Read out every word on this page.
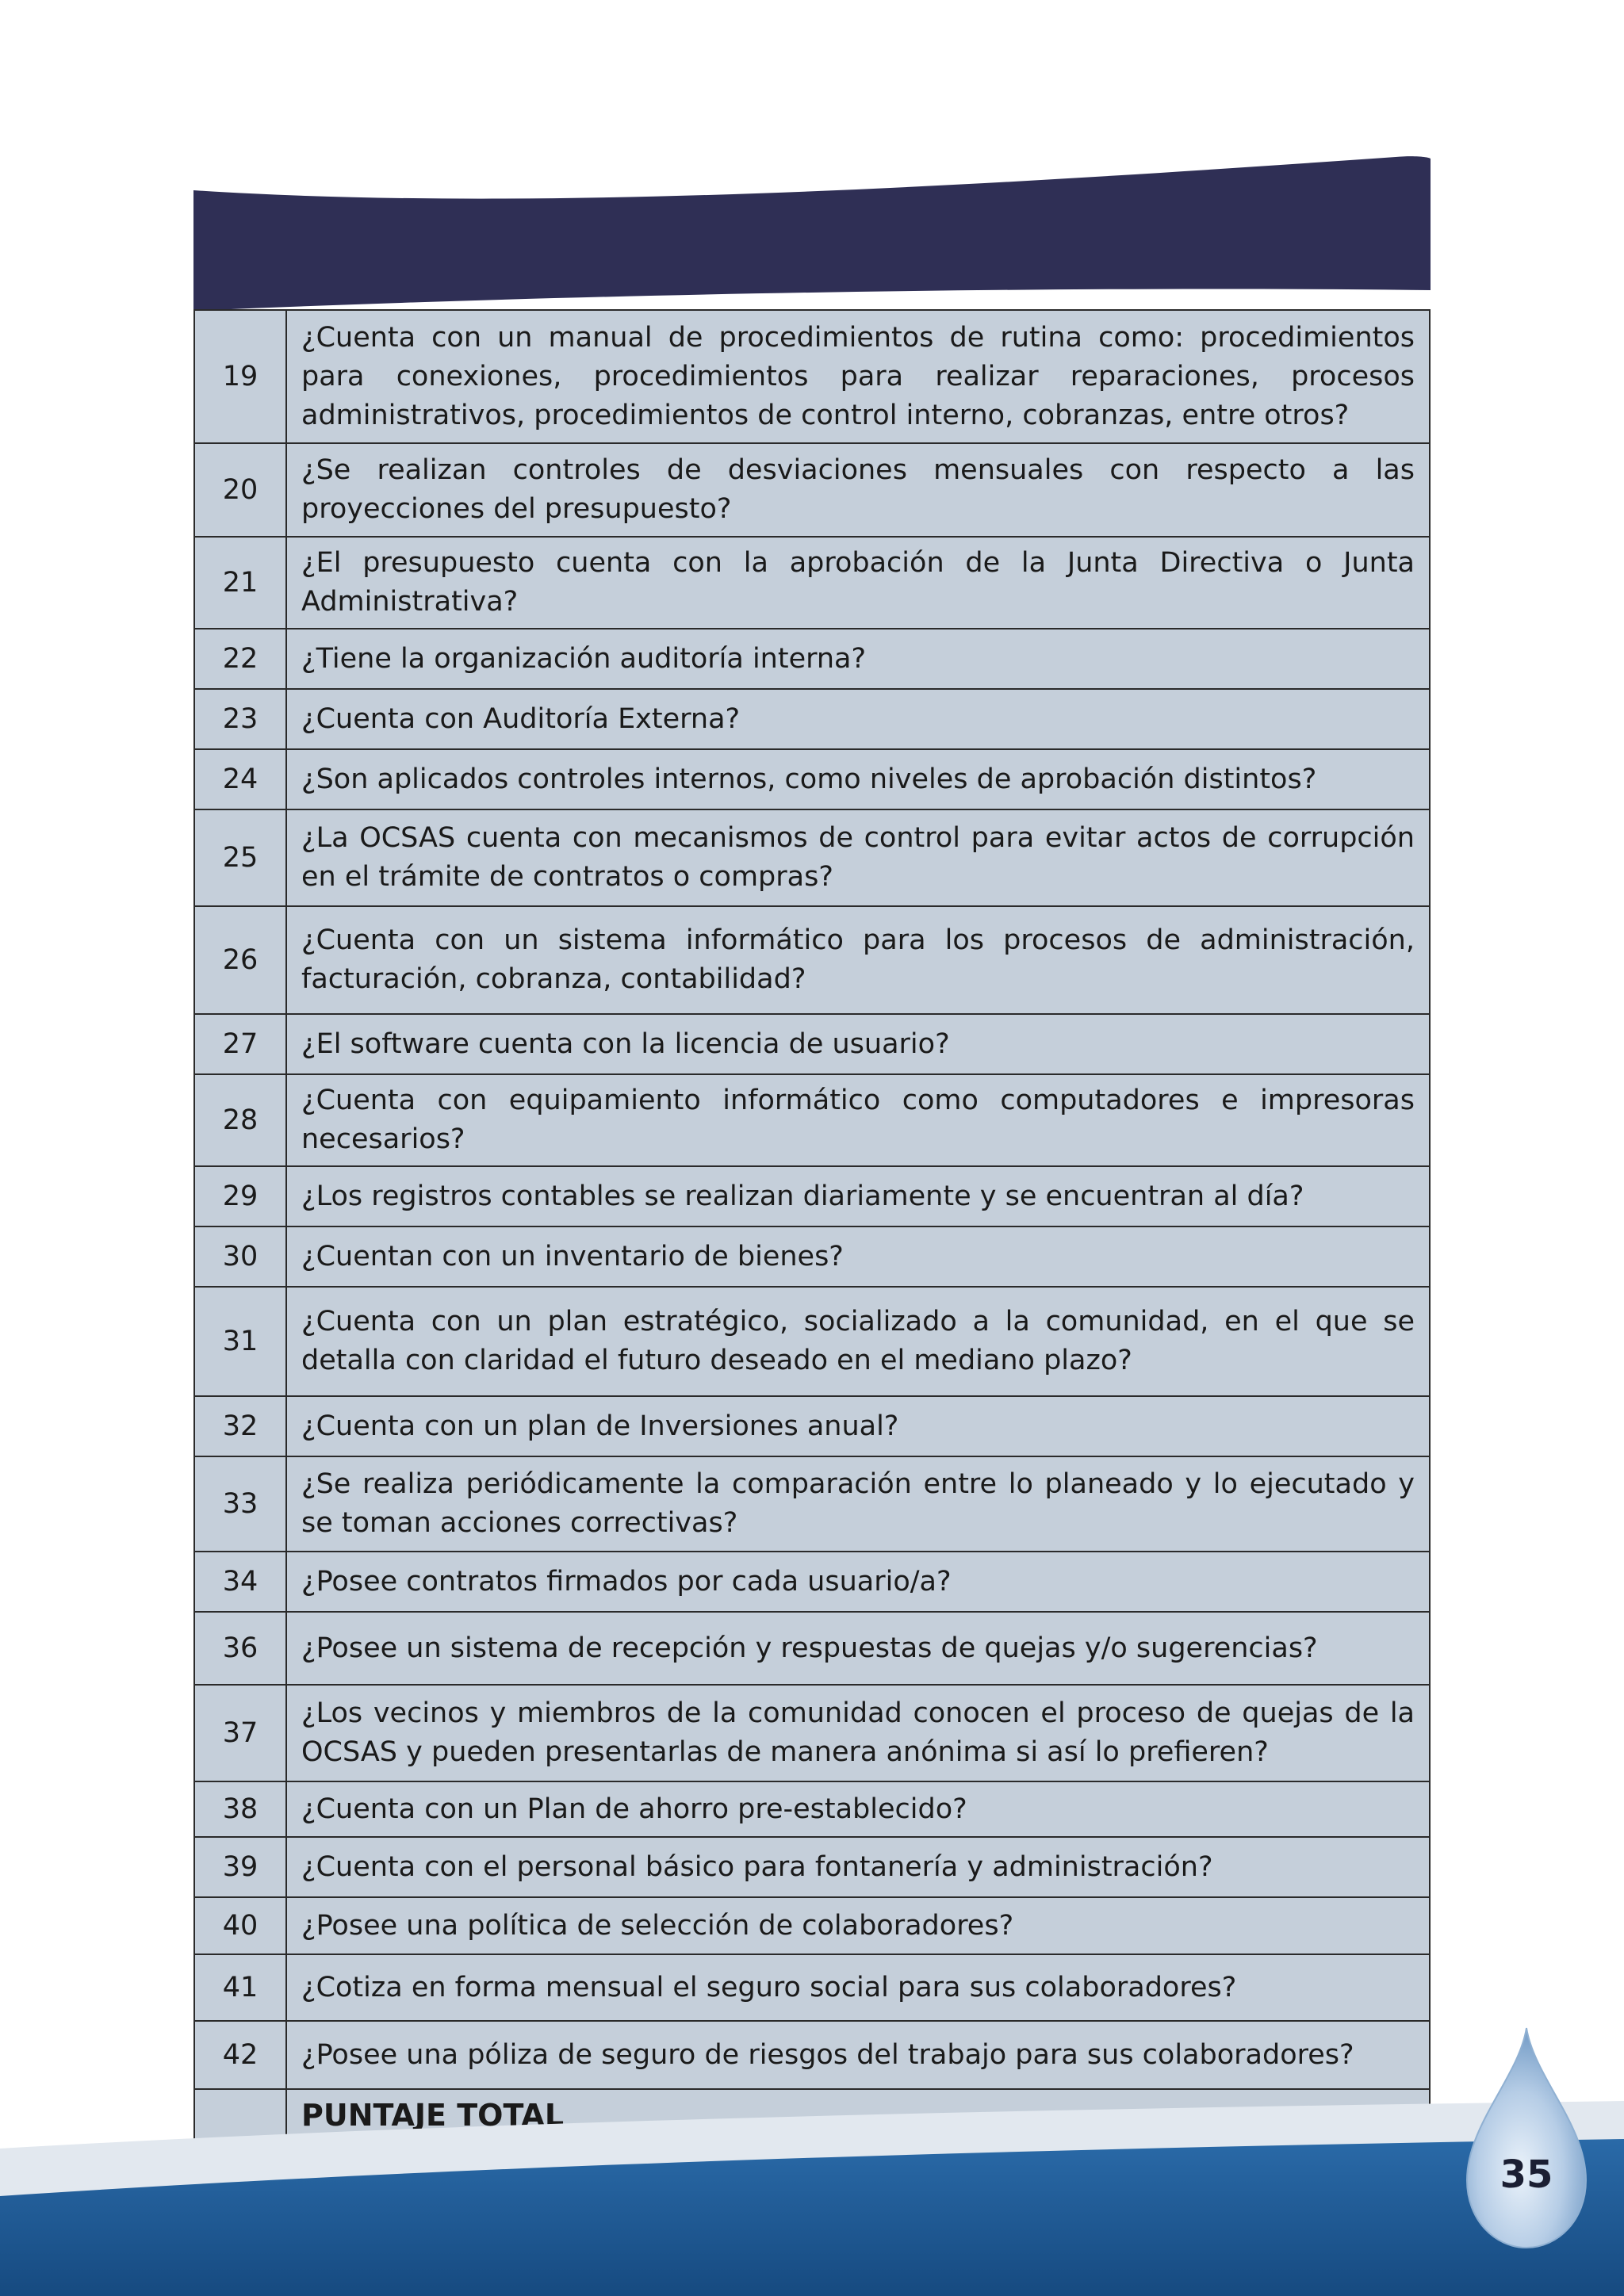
19	¿Cuenta con un manual de procedimientos de rutina como: procedimientos para conexiones, procedimientos para realizar reparaciones, procesos administrativos, procedimientos de control interno, cobranzas, entre otros?
20	¿Se realizan controles de desviaciones mensuales con respecto a las proyecciones del presupuesto?
21	¿El presupuesto cuenta con la aprobación de la Junta Directiva o Junta Administrativa?
22	¿Tiene la organización auditoría interna?
23	¿Cuenta con Auditoría Externa?
24	¿Son aplicados controles internos, como niveles de aprobación distintos?
25	¿La OCSAS cuenta con mecanismos de control para evitar actos de corrupción en el trámite de contratos o compras?
26	¿Cuenta con un sistema informático para los procesos de administración, facturación, cobranza, contabilidad?
27	¿El software cuenta con la licencia de usuario?
28	¿Cuenta con equipamiento informático como computadores e impresoras necesarios?
29	¿Los registros contables se realizan diariamente y se encuentran al día?
30	¿Cuentan con un inventario de bienes?
31	¿Cuenta con un plan estratégico, socializado a la comunidad, en el que se detalla con claridad el futuro deseado en el mediano plazo?
32	¿Cuenta con un plan de Inversiones anual?
33	¿Se realiza periódicamente la comparación entre lo planeado y lo ejecutado y se toman acciones correctivas?
34	¿Posee contratos firmados por cada usuario/a?
36	¿Posee un sistema de recepción y respuestas de quejas y/o sugerencias?
37	¿Los vecinos y miembros de la comunidad conocen el proceso de quejas de la OCSAS y pueden presentarlas de manera anónima si así lo prefieren?
38	¿Cuenta con un Plan de ahorro pre-establecido?
39	¿Cuenta con el personal básico para fontanería y administración?
40	¿Posee una política de selección de colaboradores?
41	¿Cotiza en forma mensual el seguro social para sus colaboradores?
42	¿Posee una póliza de seguro de riesgos del trabajo para sus colaboradores?
	PUNTAJE TOTAL
35
